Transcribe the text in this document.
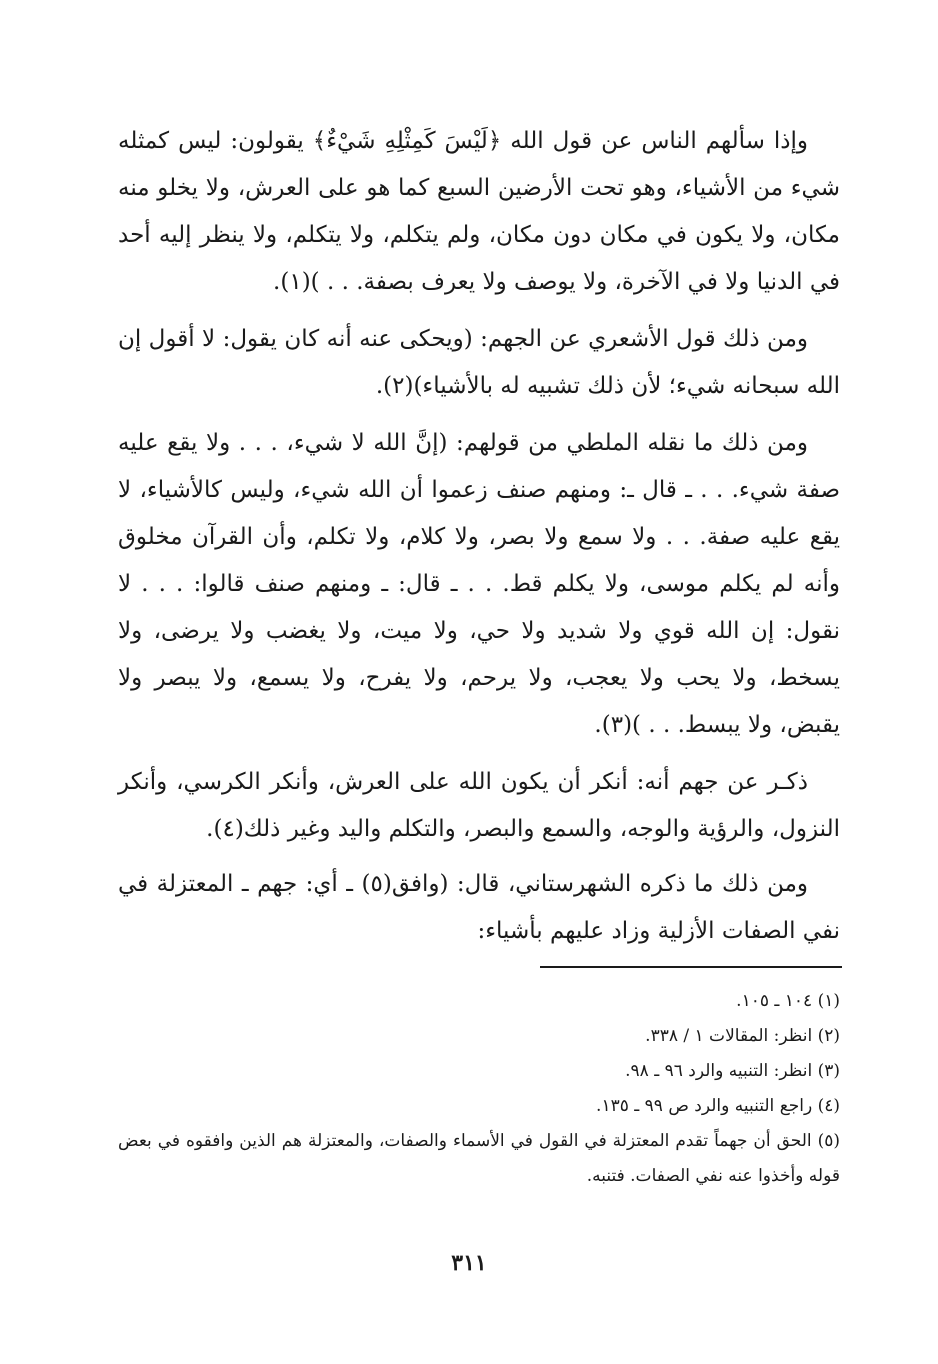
وإذا سألهم الناس عن قول الله ﴿لَيْسَ كَمِثْلِهِ شَيْءٌ﴾ يقولون: ليس كمثله شيء من الأشياء، وهو تحت الأرضين السبع كما هو على العرش، ولا يخلو منه مكان، ولا يكون في مكان دون مكان، ولم يتكلم، ولا يتكلم، ولا ينظر إليه أحد في الدنيا ولا في الآخرة، ولا يوصف ولا يعرف بصفة. . . )(١).

ومن ذلك قول الأشعري عن الجهم: (ويحكى عنه أنه كان يقول: لا أقول إن الله سبحانه شيء؛ لأن ذلك تشبيه له بالأشياء)(٢).

ومن ذلك ما نقله الملطي من قولهم: (إنَّ الله لا شيء، . . . ولا يقع عليه صفة شيء. . . ـ قال ـ: ومنهم صنف زعموا أن الله شيء، وليس كالأشياء، لا يقع عليه صفة. . . ولا سمع ولا بصر، ولا كلام، ولا تكلم، وأن القرآن مخلوق وأنه لم يكلم موسى، ولا يكلم قط. . . ـ قال: ـ ومنهم صنف قالوا: . . . لا نقول: إن الله قوي ولا شديد ولا حي، ولا ميت، ولا يغضب ولا يرضى، ولا يسخط، ولا يحب ولا يعجب، ولا يرحم، ولا يفرح، ولا يسمع، ولا يبصر ولا يقبض، ولا يبسط. . . )(٣).

ذكـر عن جهم أنه: أنكر أن يكون الله على العرش، وأنكر الكرسي، وأنكر النزول، والرؤية والوجه، والسمع والبصر، والتكلم واليد وغير ذلك(٤).

ومن ذلك ما ذكره الشهرستاني، قال: (وافق(٥) ـ أي: جهم ـ المعتزلة في نفي الصفات الأزلية وزاد عليهم بأشياء:

(١) ١٠٤ ـ ١٠٥.

(٢) انظر: المقالات ١ / ٣٣٨.

(٣) انظر: التنبيه والرد ٩٦ ـ ٩٨.

(٤) راجع التنبيه والرد ص ٩٩ ـ ١٣٥.

(٥) الحق أن جهماً تقدم المعتزلة في القول في الأسماء والصفات، والمعتزلة هم الذين وافقوه في بعض قوله وأخذوا عنه نفي الصفات. فتنبه.

٣١١
